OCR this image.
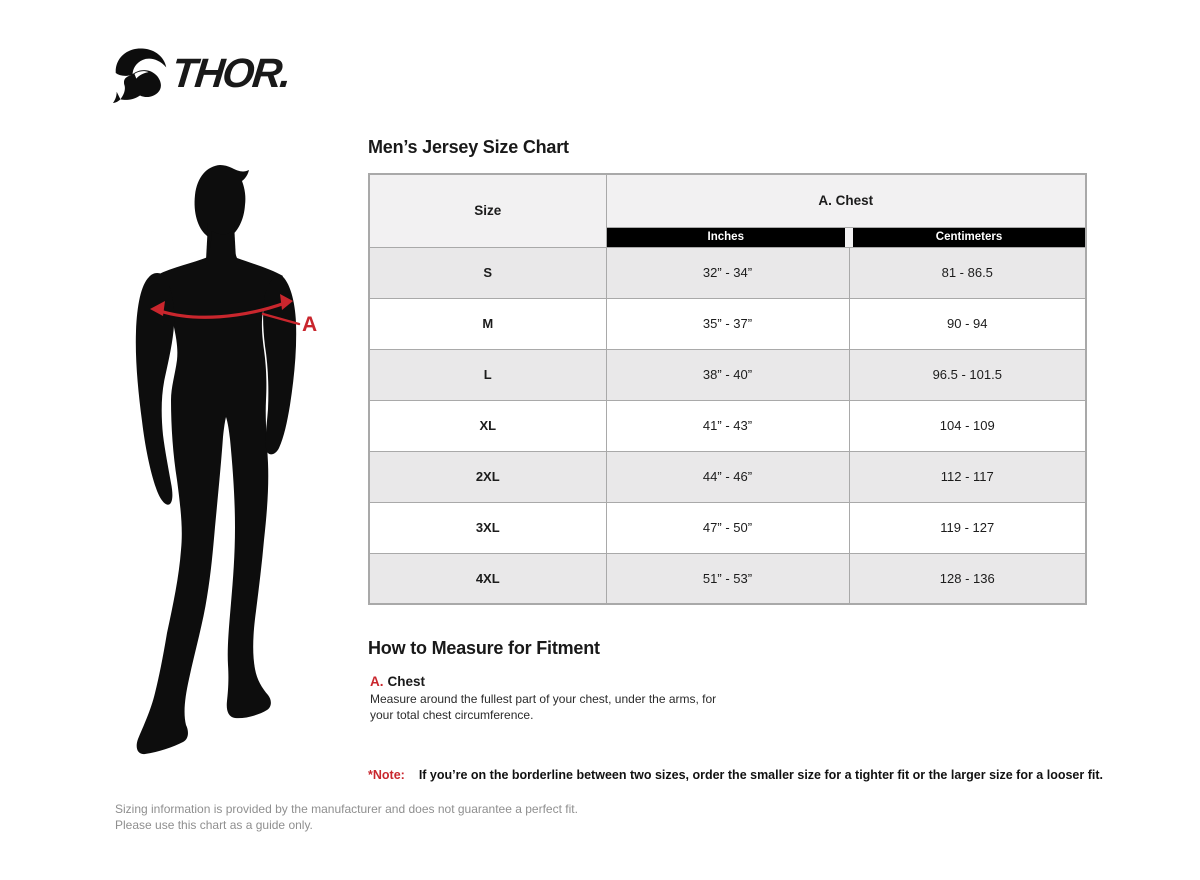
THOR.
A
Men’s Jersey Size Chart
Size	A. Chest	

	Inches	Centimeters

S	32” - 34”	81 - 86.5
M	35” - 37”	90 - 94
L	38” - 40”	96.5 - 101.5
XL	41” - 43”	104 - 109
2XL	44” - 46”	112 - 117
3XL	47” - 50”	119 - 127
4XL	51” - 53”	128 - 136
How to Measure for Fitment
A. Chest
Measure around the fullest part of your chest, under the arms, for your total chest circumference.
*Note: If you’re on the borderline between two sizes, order the smaller size for a tighter fit or the larger size for a looser fit.
Sizing information is provided by the manufacturer and does not guarantee a perfect fit.
Please use this chart as a guide only.
